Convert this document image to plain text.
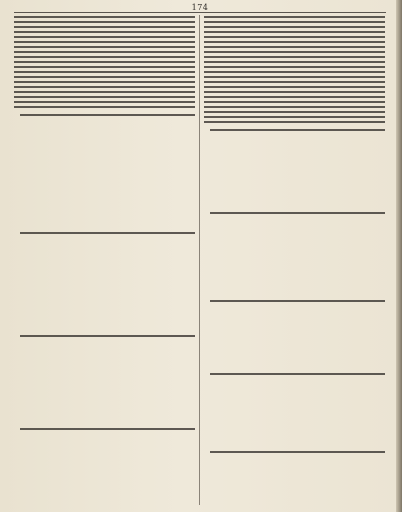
174
